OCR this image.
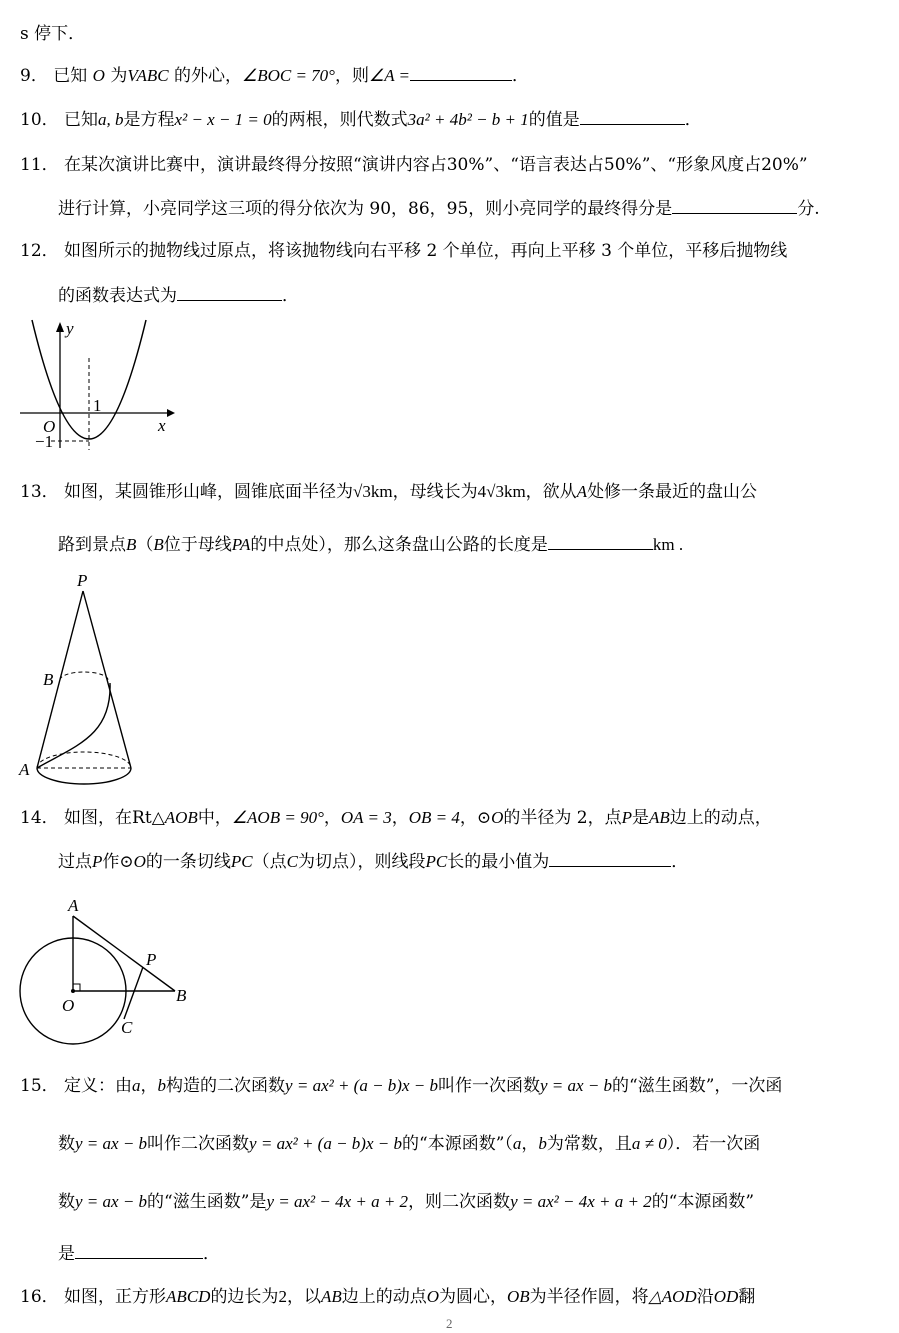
s 停下．
9． 已知 O 为VABC 的外心，∠BOC = 70°，则∠A =	．
10． 已知a, b是方程x² − x − 1 = 0的两根，则代数式3a² + 4b² − b + 1的值是	．
11． 在某次演讲比赛中，演讲最终得分按照“演讲内容占30%”、“语言表达占50%”、“形象风度占20%”
进行计算，小亮同学这三项的得分依次为 90，86，95，则小亮同学的最终得分是	分.
12． 如图所示的抛物线过原点，将该抛物线向右平移 2 个单位，再向上平移 3 个单位，平移后抛物线
的函数表达式为	．
y
x
O
1
−1
13． 如图，某圆锥形山峰，圆锥底面半径为√3km，母线长为4√3km，欲从A处修一条最近的盘山公
路到景点B（B位于母线PA的中点处），那么这条盘山公路的长度是	km .
P
B
A
14． 如图，在Rt△AOB中，∠AOB = 90°，OA = 3，OB = 4，⊙O的半径为 2，点P是AB边上的动点，
过点P作⊙O的一条切线PC（点C为切点），则线段PC长的最小值为	．
A
P
O
B
C
15． 定义：由a，b构造的二次函数y = ax² + (a − b)x − b叫作一次函数y = ax − b的“滋生函数”，一次函
数y = ax − b叫作二次函数y = ax² + (a − b)x − b的“本源函数”（a，b为常数，且a ≠ 0）．若一次函
数y = ax − b的“滋生函数”是y = ax² − 4x + a + 2，则二次函数y = ax² − 4x + a + 2的“本源函数”
是	．
16． 如图，正方形ABCD的边长为2，以AB边上的动点O为圆心，OB为半径作圆，将△AOD沿OD翻
2
